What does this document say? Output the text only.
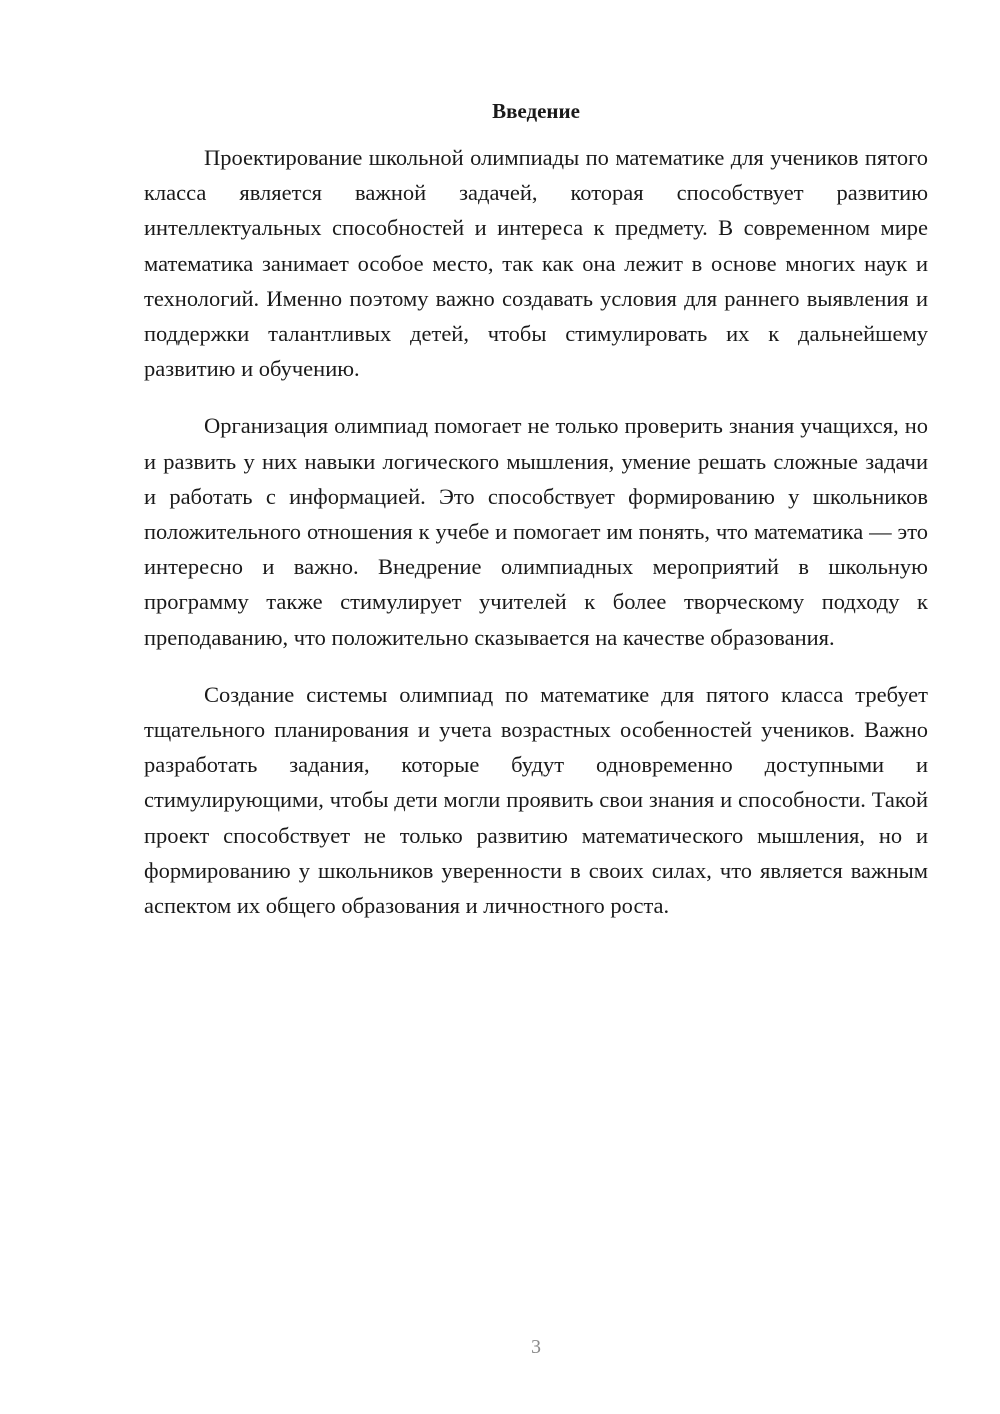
Введение

Проектирование школьной олимпиады по математике для учеников пятого класса является важной задачей, которая способствует развитию интеллектуальных способностей и интереса к предмету. В современном мире математика занимает особое место, так как она лежит в основе многих наук и технологий. Именно поэтому важно создавать условия для раннего выявления и поддержки талантливых детей, чтобы стимулировать их к дальнейшему развитию и обучению.

Организация олимпиад помогает не только проверить знания учащихся, но и развить у них навыки логического мышления, умение решать сложные задачи и работать с информацией. Это способствует формированию у школьников положительного отношения к учебе и помогает им понять, что математика — это интересно и важно. Внедрение олимпиадных мероприятий в школьную программу также стимулирует учителей к более творческому подходу к преподаванию, что положительно сказывается на качестве образования.

Создание системы олимпиад по математике для пятого класса требует тщательного планирования и учета возрастных особенностей учеников. Важно разработать задания, которые будут одновременно доступными и стимулирующими, чтобы дети могли проявить свои знания и способности. Такой проект способствует не только развитию математического мышления, но и формированию у школьников уверенности в своих силах, что является важным аспектом их общего образования и личностного роста.

3
